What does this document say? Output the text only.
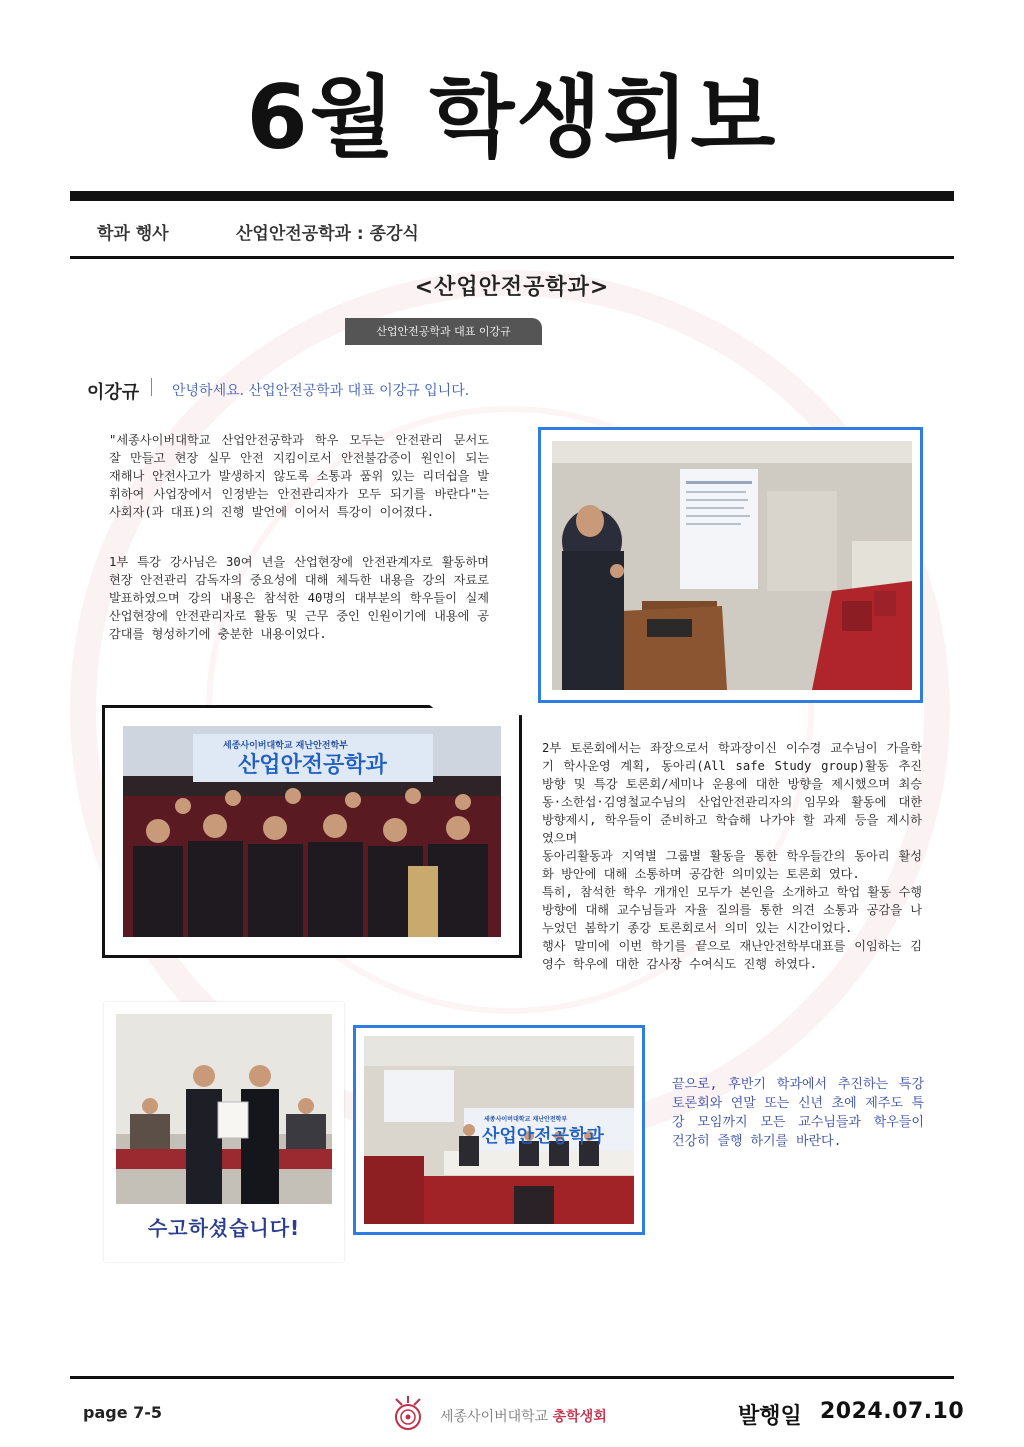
6월 학생회보
학과 행사	산업안전공학과 : 종강식
<산업안전공학과>
산업안전공학과 대표 이강규
이강규 안녕하세요. 산업안전공학과 대표 이강규 입니다.

"세종사이버대학교 산업안전공학과 학우 모두는 안전관리 문서도 잘 만들고 현장 실무 안전 지킴이로서 안전불감증이 원인이 되는 재해나 안전사고가 발생하지 않도록 소통과 품위 있는 리더쉽을 발휘하여 사업장에서 인정받는 안전관리자가 모두 되기를 바란다"는 사회자(과 대표)의 진행 발언에 이어서 특강이 이어졌다.

1부 특강 강사님은 30여 년을 산업현장에 안전관계자로 활동하며 현장 안전관리 감독자의 중요성에 대해 체득한 내용을 강의 자료로 발표하였으며 강의 내용은 참석한 40명의 대부분의 학우들이 실제 산업현장에 안전관리자로 활동 및 근무 중인 인원이기에 내용에 공감대를 형성하기에 충분한 내용이었다.

2부 토론회에서는 좌장으로서 학과장이신 이수경 교수님이 가을학기 학사운영 계획, 동아리(All safe Study group)활동 추진 방향 및 특강 토론회/세미나 운용에 대한 방향을 제시했으며 최승동·소한섭·김영철교수님의 산업안전관리자의 임무와 활동에 대한 방향제시, 학우들이 준비하고 학습해 나가야 할 과제 등을 제시하였으며
동아리활동과 지역별 그룹별 활동을 통한 학우들간의 동아리 활성화 방안에 대해 소통하며 공감한 의미있는 토론회 였다.
특히, 참석한 학우 개개인 모두가 본인을 소개하고 학업 활동 수행 방향에 대해 교수님들과 자율 질의를 통한 의견 소통과 공감을 나누었던 봄학기 종강 토론회로서 의미 있는 시간이었다.
행사 말미에 이번 학기를 끝으로 재난안전학부대표를 이임하는 김영수 학우에 대한 감사장 수여식도 진행 하였다.

끝으로, 후반기 학과에서 추진하는 특강 토론회와 연말 또는 신년 초에 제주도 특강 모임까지 모든 교수님들과 학우들이 건강히 즐행 하기를 바란다.

세종사이버대학교 재난안전학부
산업안전공학과
수고하셨습니다!
세종사이버대학교 재난안전학부
산업안전공학과
page 7-5	세종사이버대학교 총학생회	발행일 2024.07.10
